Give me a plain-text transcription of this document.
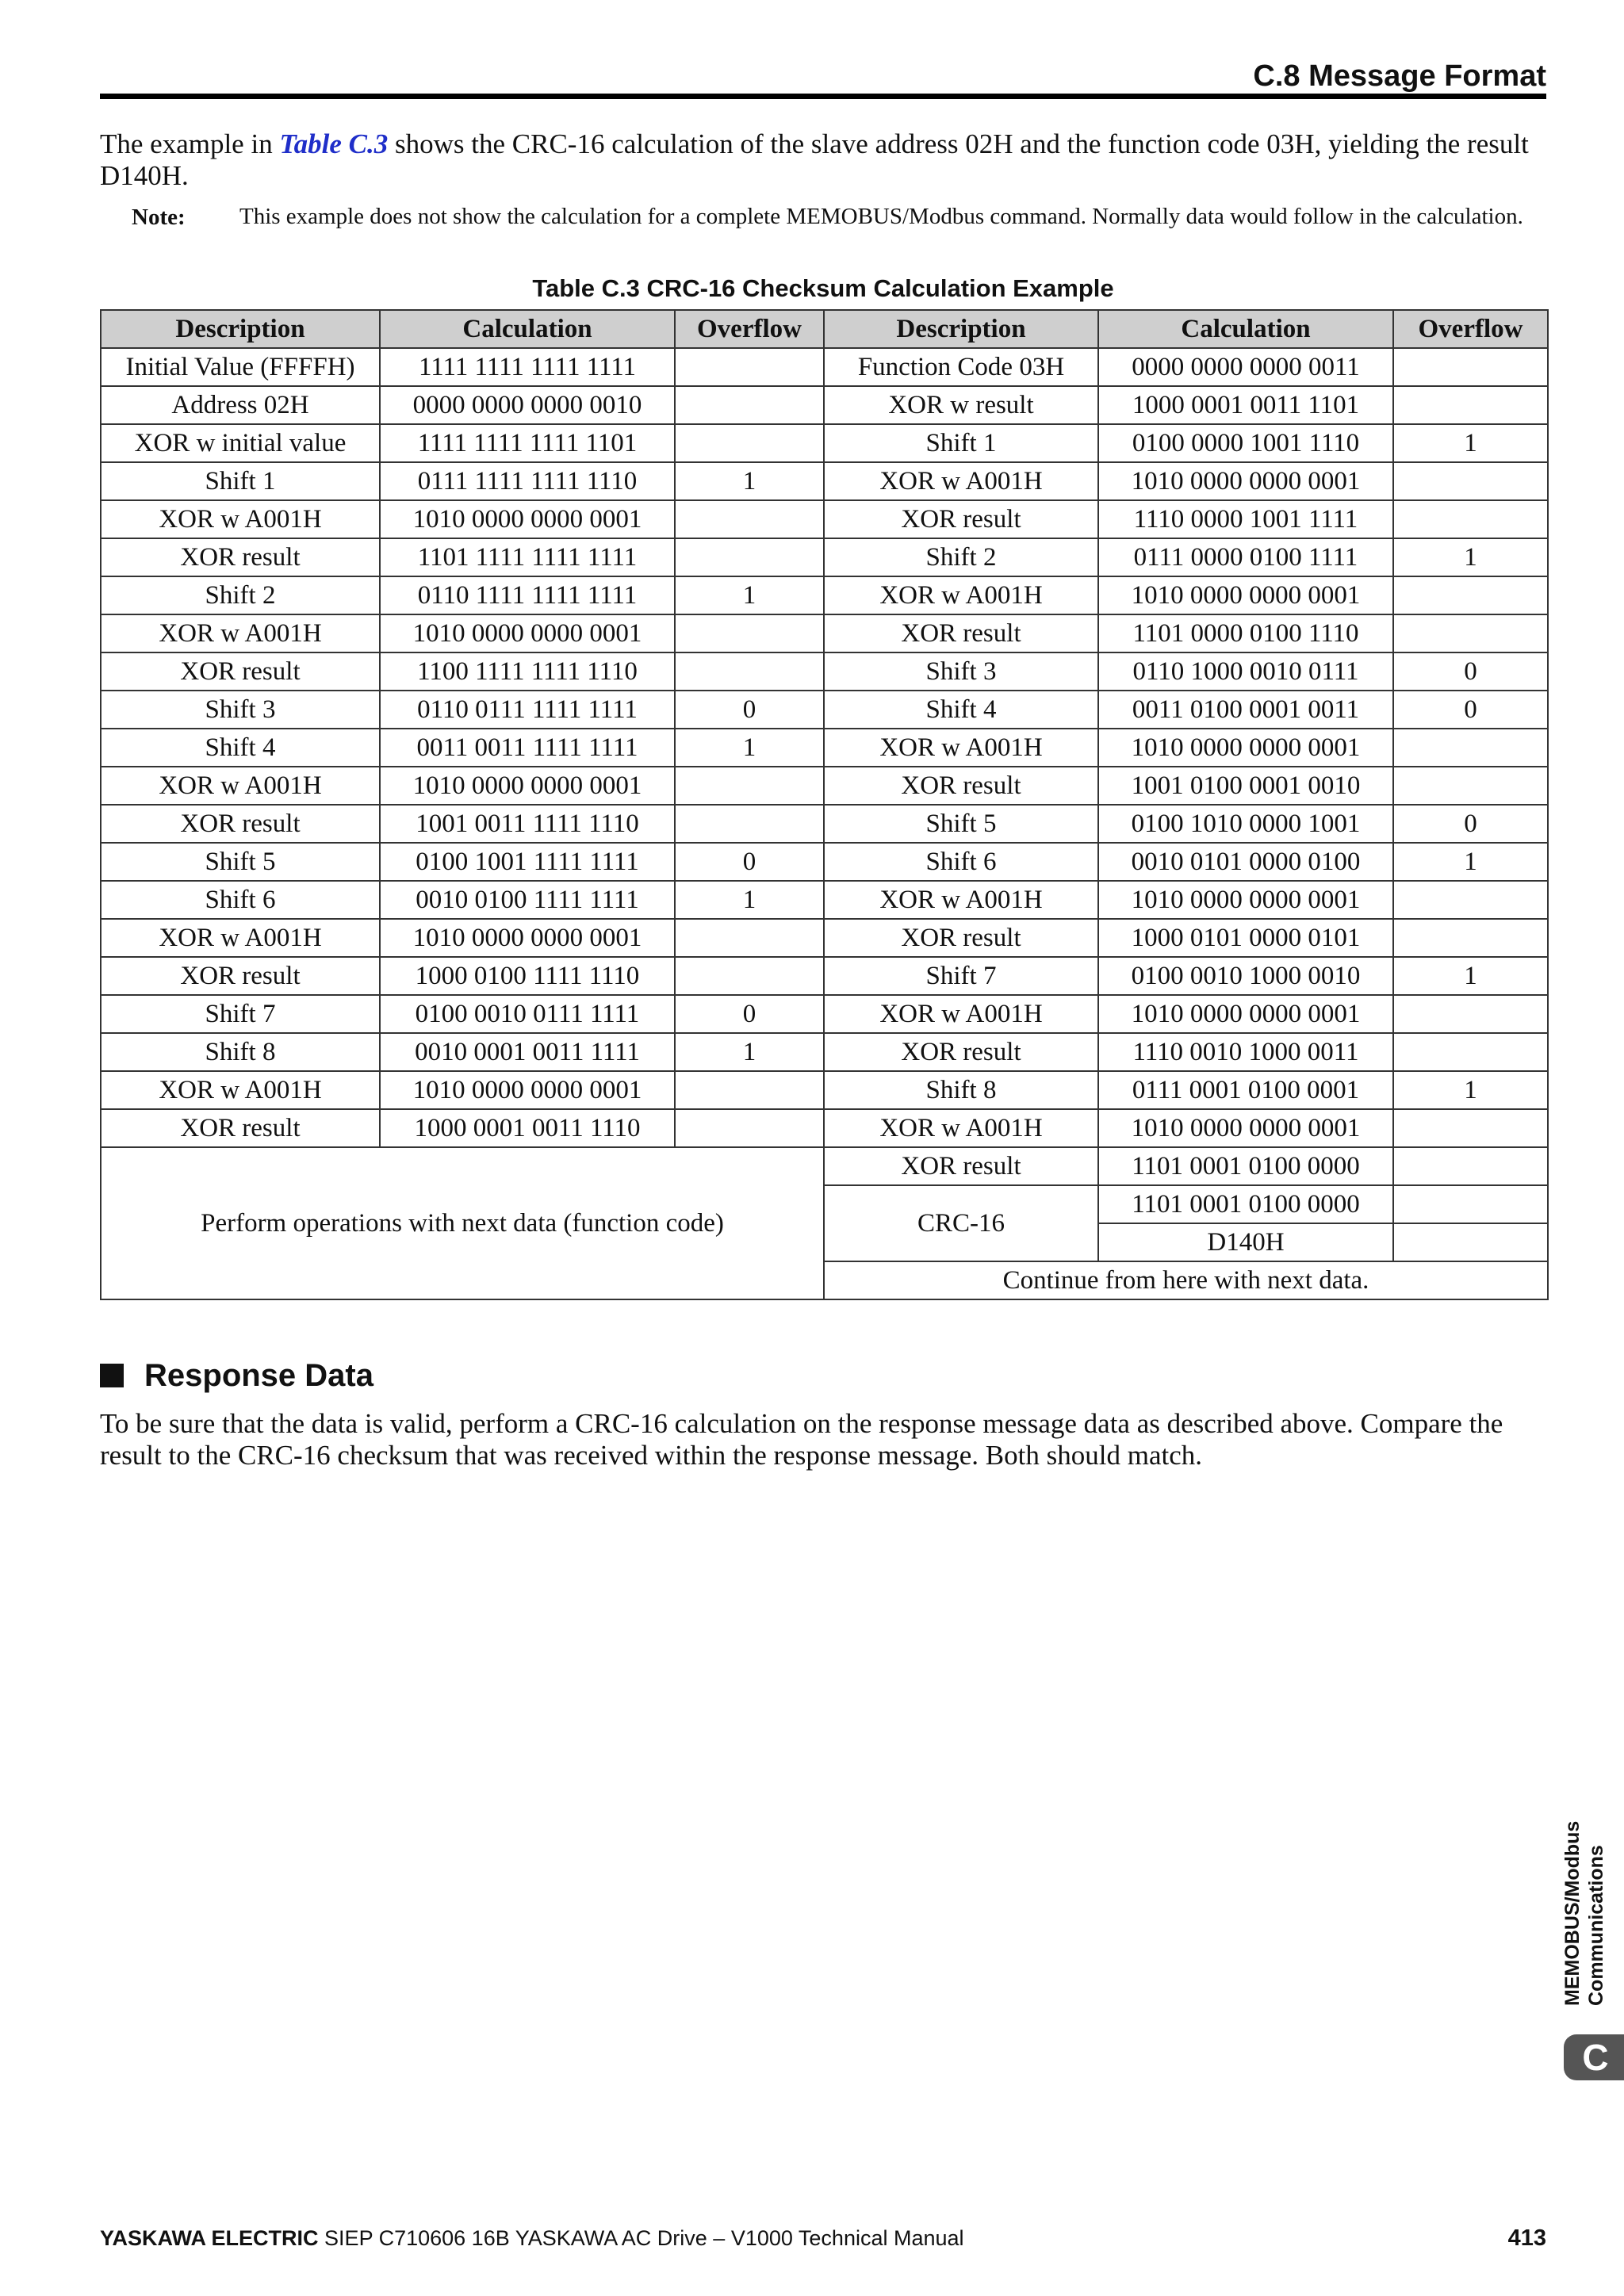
C.8 Message Format
The example in Table C.3 shows the CRC-16 calculation of the slave address 02H and the function code 03H, yielding the result D140H.
Note: This example does not show the calculation for a complete MEMOBUS/Modbus command. Normally data would follow in the calculation.
Table C.3 CRC-16 Checksum Calculation Example
Description	Calculation	Overflow	Description	Calculation	Overflow
Initial Value (FFFFH)	1111 1111 1111 1111		Function Code 03H	0000 0000 0000 0011	
Address 02H	0000 0000 0000 0010		XOR w result	1000 0001 0011 1101	
XOR w initial value	1111 1111 1111 1101		Shift 1	0100 0000 1001 1110	1
Shift 1	0111 1111 1111 1110	1	XOR w A001H	1010 0000 0000 0001	
XOR w A001H	1010 0000 0000 0001		XOR result	1110 0000 1001 1111	
XOR result	1101 1111 1111 1111		Shift 2	0111 0000 0100 1111	1
Shift 2	0110 1111 1111 1111	1	XOR w A001H	1010 0000 0000 0001	
XOR w A001H	1010 0000 0000 0001		XOR result	1101 0000 0100 1110	
XOR result	1100 1111 1111 1110		Shift 3	0110 1000 0010 0111	0
Shift 3	0110 0111 1111 1111	0	Shift 4	0011 0100 0001 0011	0
Shift 4	0011 0011 1111 1111	1	XOR w A001H	1010 0000 0000 0001	
XOR w A001H	1010 0000 0000 0001		XOR result	1001 0100 0001 0010	
XOR result	1001 0011 1111 1110		Shift 5	0100 1010 0000 1001	0
Shift 5	0100 1001 1111 1111	0	Shift 6	0010 0101 0000 0100	1
Shift 6	0010 0100 1111 1111	1	XOR w A001H	1010 0000 0000 0001	
XOR w A001H	1010 0000 0000 0001		XOR result	1000 0101 0000 0101	
XOR result	1000 0100 1111 1110		Shift 7	0100 0010 1000 0010	1
Shift 7	0100 0010 0111 1111	0	XOR w A001H	1010 0000 0000 0001	
Shift 8	0010 0001 0011 1111	1	XOR result	1110 0010 1000 0011	
XOR w A001H	1010 0000 0000 0001		Shift 8	0111 0001 0100 0001	1
XOR result	1000 0001 0011 1110		XOR w A001H	1010 0000 0000 0001	
Perform operations with next data (function code)			XOR result	1101 0001 0100 0000	
			CRC-16	1101 0001 0100 0000	
				D140H	
			Continue from here with next data.		
Response Data
To be sure that the data is valid, perform a CRC-16 calculation on the response message data as described above. Compare the result to the CRC-16 checksum that was received within the response message. Both should match.
MEMOBUS/Modbus Communications
C
YASKAWA ELECTRIC SIEP C710606 16B YASKAWA AC Drive – V1000 Technical Manual	413
